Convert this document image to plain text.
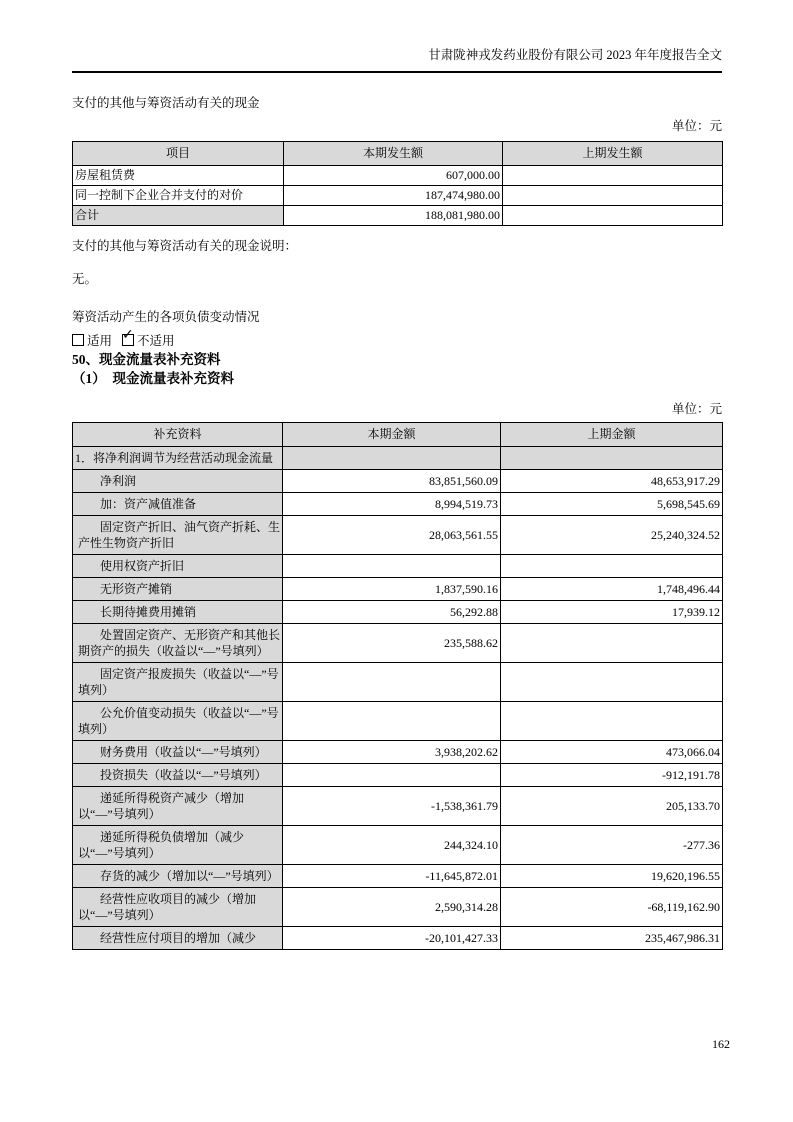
甘肃陇神戎发药业股份有限公司 2023 年年度报告全文
支付的其他与筹资活动有关的现金
单位：元
项目	本期发生额	上期发生额
房屋租赁费	607,000.00	
同一控制下企业合并支付的对价	187,474,980.00	
合计	188,081,980.00	
支付的其他与筹资活动有关的现金说明：
无。
筹资活动产生的各项负债变动情况
适用 ✓ 不适用
50、现金流量表补充资料
（1）　现金流量表补充资料
单位：元
补充资料	本期金额	上期金额
1．将净利润调节为经营活动现金流量		
净利润	83,851,560.09	48,653,917.29
加：资产减值准备	8,994,519.73	5,698,545.69
固定资产折旧、油气资产折耗、生产性生物资产折旧	28,063,561.55	25,240,324.52
使用权资产折旧		
无形资产摊销	1,837,590.16	1,748,496.44
长期待摊费用摊销	56,292.88	17,939.12
处置固定资产、无形资产和其他长期资产的损失（收益以“—”号填列）	235,588.62	
固定资产报废损失（收益以“—”号填列）		
公允价值变动损失（收益以“—”号填列）		
财务费用（收益以“—”号填列）	3,938,202.62	473,066.04
投资损失（收益以“—”号填列）		-912,191.78
递延所得税资产减少（增加以“—”号填列）	-1,538,361.79	205,133.70
递延所得税负债增加（减少以“—”号填列）	244,324.10	-277.36
存货的减少（增加以“—”号填列）	-11,645,872.01	19,620,196.55
经营性应收项目的减少（增加以“—”号填列）	2,590,314.28	-68,119,162.90
经营性应付项目的增加（减少	-20,101,427.33	235,467,986.31
162
